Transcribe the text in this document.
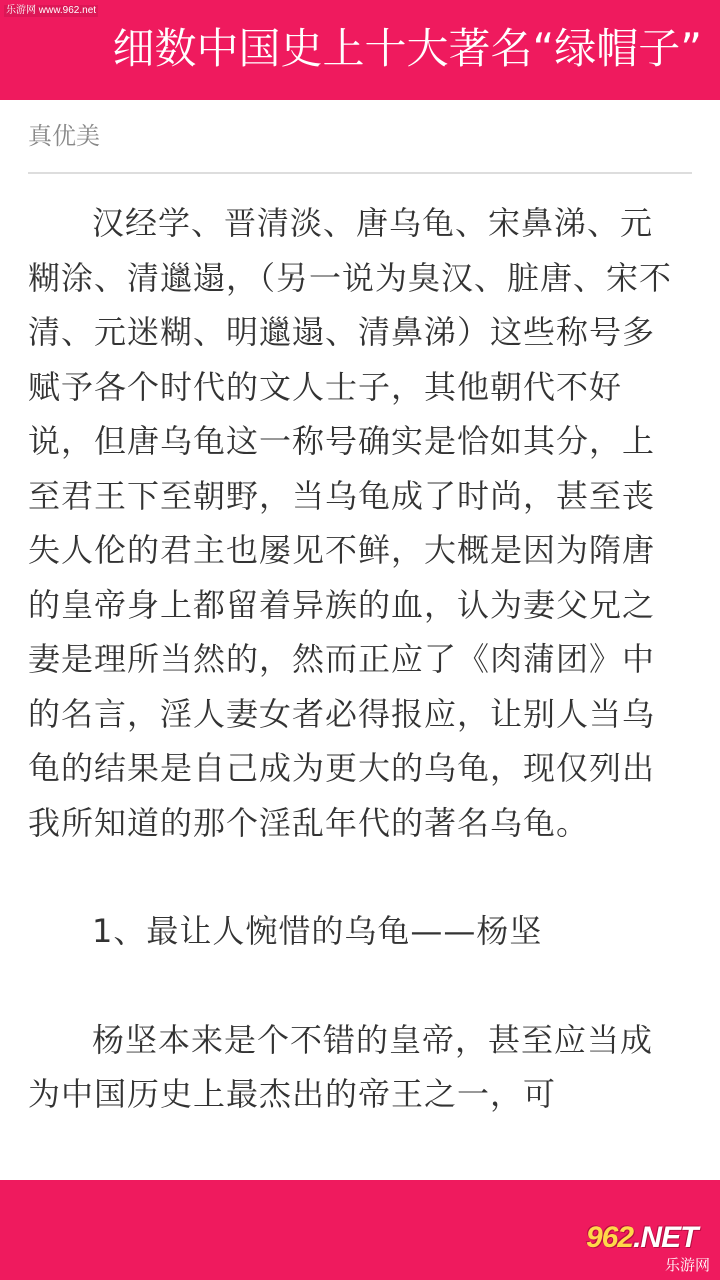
乐游网 www.962.net
细数中国史上十大著名“绿帽子”
真优美

汉经学、晋清淡、唐乌龟、宋鼻涕、元糊涂、清邋遢，（另一说为臭汉、脏唐、宋不清、元迷糊、明邋遢、清鼻涕）这些称号多赋予各个时代的文人士子，其他朝代不好说，但唐乌龟这一称号确实是恰如其分，上至君王下至朝野，当乌龟成了时尚，甚至丧失人伦的君主也屡见不鲜，大概是因为隋唐的皇帝身上都留着异族的血，认为妻父兄之妻是理所当然的，然而正应了《肉蒲团》中的名言，淫人妻女者必得报应，让别人当乌龟的结果是自己成为更大的乌龟，现仅列出我所知道的那个淫乱年代的著名乌龟。

1、最让人惋惜的乌龟——杨坚

杨坚本来是个不错的皇帝，甚至应当成为中国历史上最杰出的帝王之一，可

962.NET
乐游网
